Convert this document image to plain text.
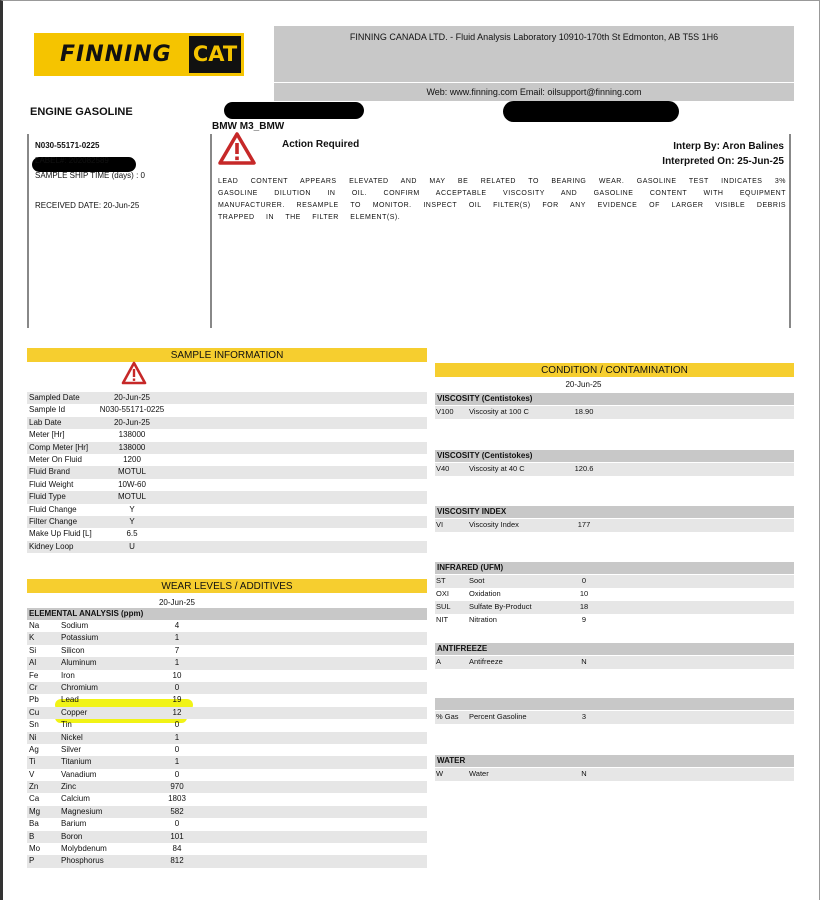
FINNING CAT
FINNING CANADA LTD. - Fluid Analysis Laboratory 10910-170th St Edmonton, AB T5S 1H6
Web: www.finning.com Email: oilsupport@finning.com
ENGINE GASOLINE
BMW M3_BMW
N030-55171-0225
LABEL#: 202082589
SAMPLE SHIP TIME (days) : 0
RECEIVED DATE: 20-Jun-25
Action Required	Interp By: Aron Balines
Interpreted On: 25-Jun-25
LEAD CONTENT APPEARS ELEVATED AND MAY BE RELATED TO BEARING WEAR. GASOLINE TEST INDICATES 3% GASOLINE DILUTION IN OIL. CONFIRM ACCEPTABLE VISCOSITY AND GASOLINE CONTENT WITH EQUIPMENT MANUFACTURER. RESAMPLE TO MONITOR. INSPECT OIL FILTER(S) FOR ANY EVIDENCE OF LARGER VISIBLE DEBRIS TRAPPED IN THE FILTER ELEMENT(S).
SAMPLE INFORMATION
Sampled Date	20-Jun-25
Sample Id	N030-55171-0225
Lab Date	20-Jun-25
Meter [Hr]	138000
Comp Meter [Hr]	138000
Meter On Fluid	1200
Fluid Brand	MOTUL
Fluid Weight	10W-60
Fluid Type	MOTUL
Fluid Change	Y
Filter Change	Y
Make Up Fluid [L]	6.5
Kidney Loop	U
WEAR LEVELS / ADDITIVES
20-Jun-25
ELEMENTAL ANALYSIS (ppm)
Na	Sodium	4
K	Potassium	1
Si	Silicon	7
Al	Aluminum	1
Fe	Iron	10
Cr	Chromium	0
Pb	Lead	19
Cu	Copper	12
Sn	Tin	0
Ni	Nickel	1
Ag	Silver	0
Ti	Titanium	1
V	Vanadium	0
Zn	Zinc	970
Ca	Calcium	1803
Mg	Magnesium	582
Ba	Barium	0
B	Boron	101
Mo	Molybdenum	84
P	Phosphorus	812
CONDITION / CONTAMINATION
20-Jun-25
VISCOSITY (Centistokes)
V100 Viscosity at 100 C	18.90
VISCOSITY (Centistokes)
V40	Viscosity at 40 C	120.6
VISCOSITY INDEX
VI	Viscosity Index	177
INFRARED (UFM)
ST	Soot	0
OXI	Oxidation	10
SUL Sulfate By-Product	18
NIT	Nitration	9
ANTIFREEZE
A	Antifreeze	N
% Gas Percent Gasoline	3
WATER
W	Water	N
